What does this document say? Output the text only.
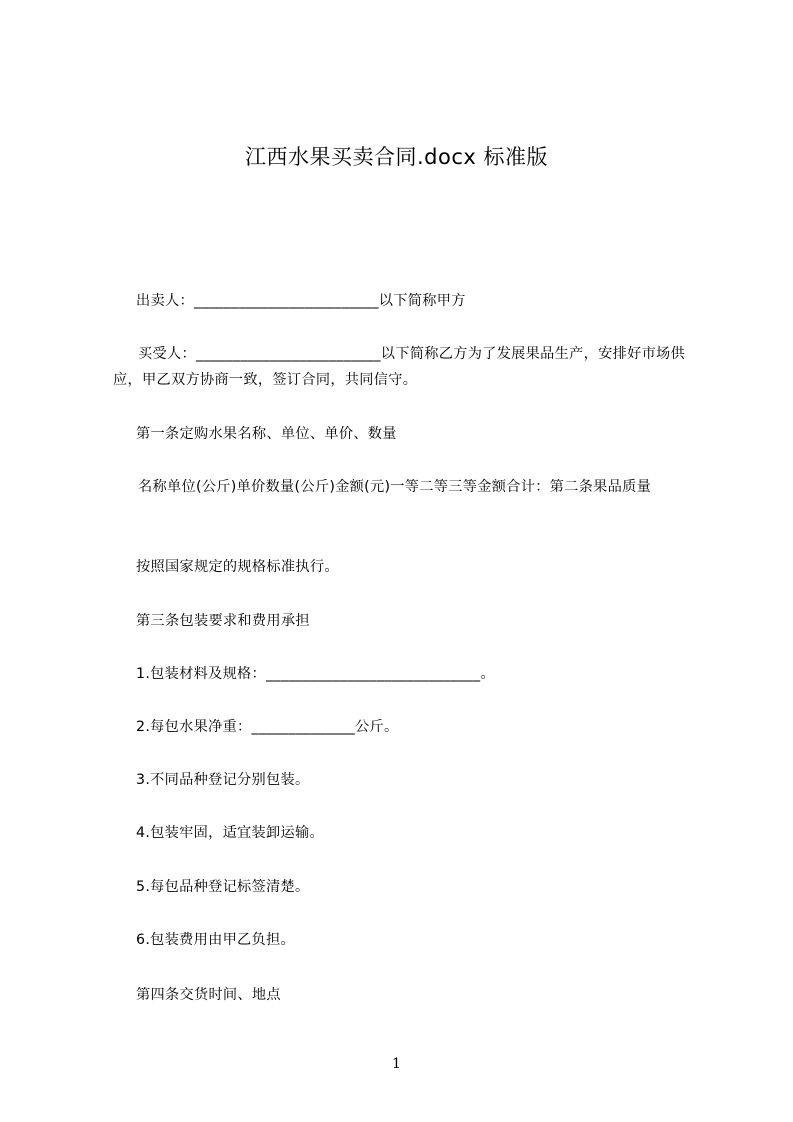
江西水果买卖合同.docx 标准版
出卖人：_________________________以下简称甲方
买受人：_________________________以下简称乙方为了发展果品生产，安排好市场供应，甲乙双方协商一致，签订合同，共同信守。
第一条定购水果名称、单位、单价、数量
名称单位(公斤)单价数量(公斤)金额(元)一等二等三等金额合计：第二条果品质量
按照国家规定的规格标准执行。
第三条包装要求和费用承担
1.包装材料及规格：_____________________________。
2.每包水果净重：______________公斤。
3.不同品种登记分别包装。
4.包装牢固，适宜装卸运输。
5.每包品种登记标签清楚。
6.包装费用由甲乙负担。
第四条交货时间、地点
1
